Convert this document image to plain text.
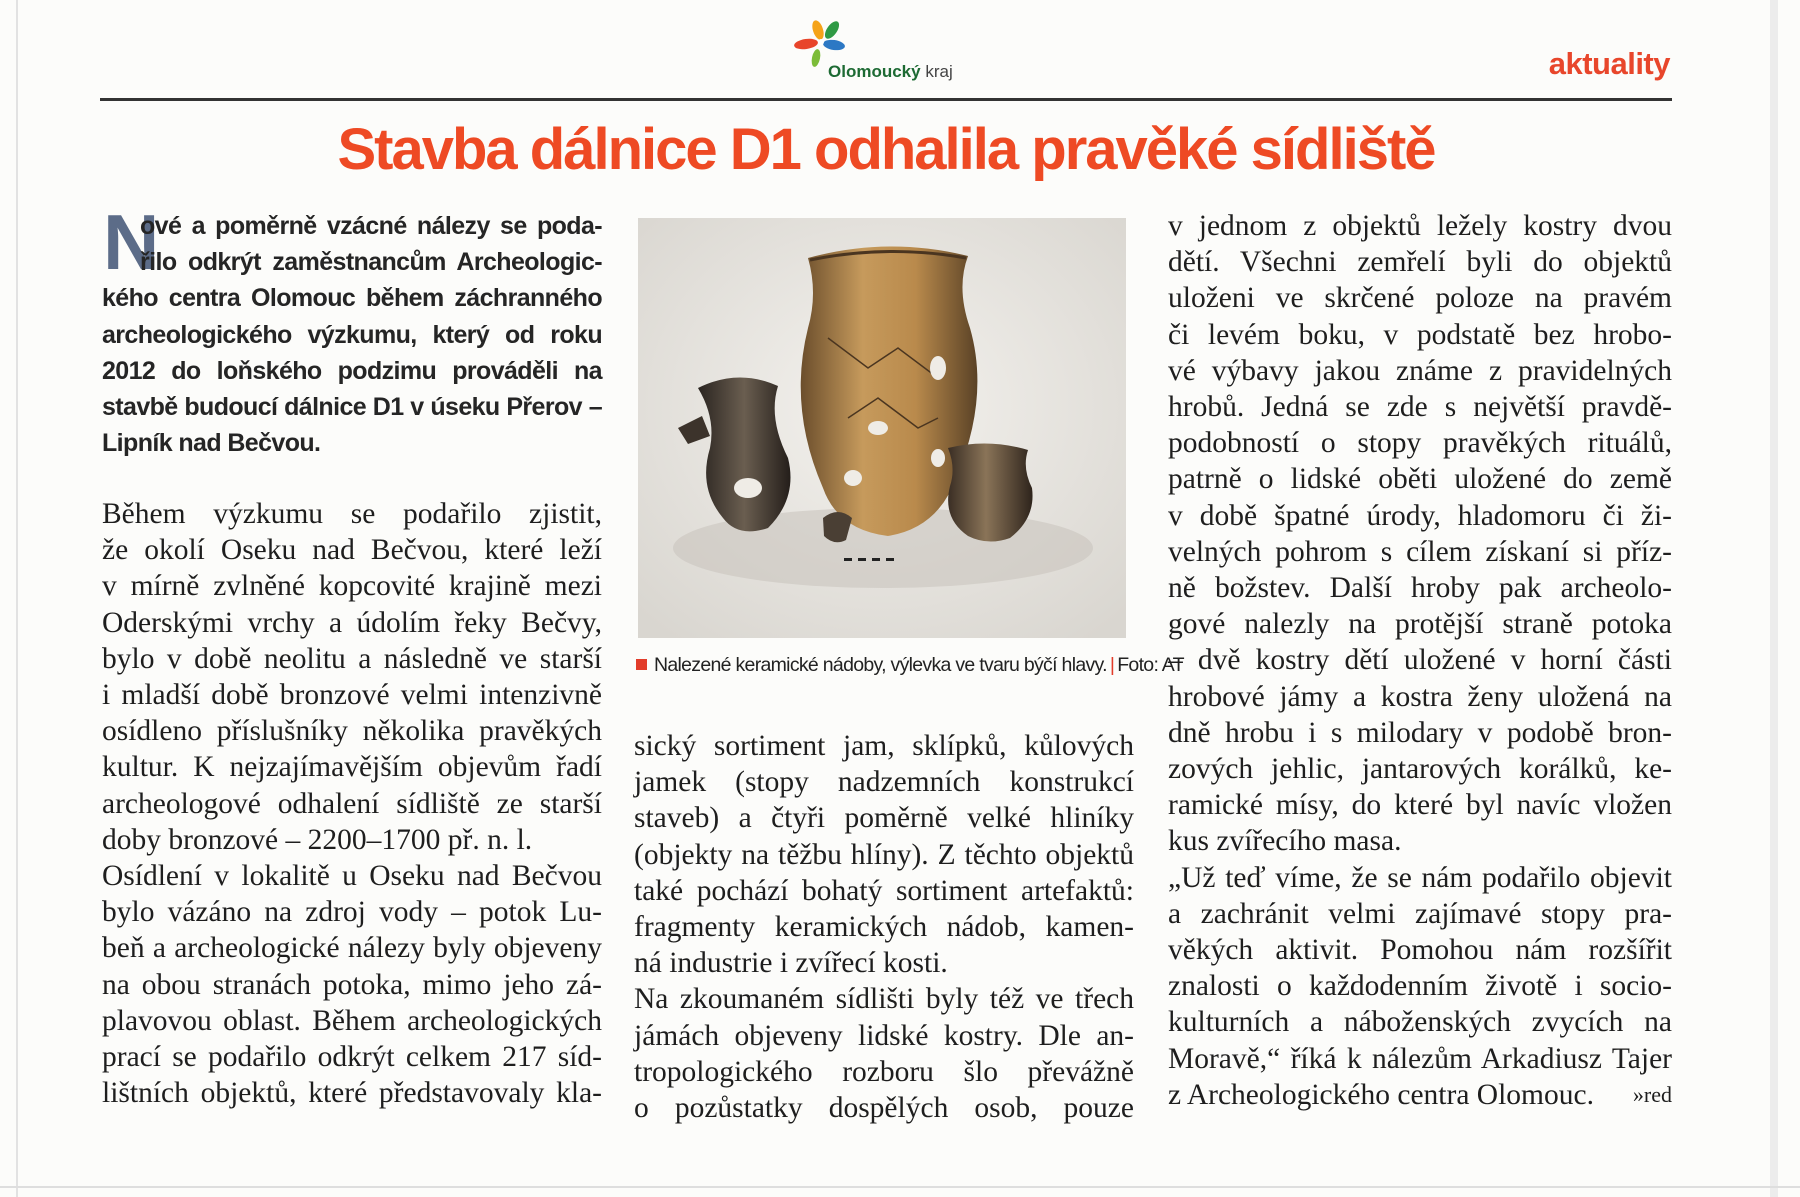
Olomoucký kraj	aktuality
Stavba dálnice D1 odhalila pravěké sídliště
N
ové a poměrně vzácné nálezy se poda-
řilo odkrýt zaměstnancům Archeologic-
kého centra Olomouc během záchranného
archeologického výzkumu, který od roku
2012 do loňského podzimu prováděli na
stavbě budoucí dálnice D1 v úseku Přerov –
Lipník nad Bečvou.
Během výzkumu se podařilo zjistit,
že okolí Oseku nad Bečvou, které leží
v mírně zvlněné kopcovité krajině mezi
Oderskými vrchy a údolím řeky Bečvy,
bylo v době neolitu a následně ve starší
i mladší době bronzové velmi intenzivně
osídleno příslušníky několika pravěkých
kultur. K nejzajímavějším objevům řadí
archeologové odhalení sídliště ze starší
doby bronzové – 2200–1700 př. n. l.
Osídlení v lokalitě u Oseku nad Bečvou
bylo vázáno na zdroj vody – potok Lu-
beň a archeologické nálezy byly objeveny
na obou stranách potoka, mimo jeho zá-
plavovou oblast. Během archeologických
prací se podařilo odkrýt celkem 217 síd-
lištních objektů, které představovaly kla-
Nalezené keramické nádoby, výlevka ve tvaru býčí hlavy. | Foto: AT
sický sortiment jam, sklípků, kůlových
jamek (stopy nadzemních konstrukcí
staveb) a čtyři poměrně velké hliníky
(objekty na těžbu hlíny). Z těchto objektů
také pochází bohatý sortiment artefaktů:
fragmenty keramických nádob, kamen-
ná industrie i zvířecí kosti.
Na zkoumaném sídlišti byly též ve třech
jámách objeveny lidské kostry. Dle an-
tropologického rozboru šlo převážně
o pozůstatky dospělých osob, pouze
v jednom z objektů ležely kostry dvou
dětí. Všechni zemřelí byli do objektů
uloženi ve skrčené poloze na pravém
či levém boku, v podstatě bez hrobo-
vé výbavy jakou známe z pravidelných
hrobů. Jedná se zde s největší pravdě-
podobností o stopy pravěkých rituálů,
patrně o lidské oběti uložené do země
v době špatné úrody, hladomoru či ži-
velných pohrom s cílem získaní si příz-
ně božstev. Další hroby pak archeolo-
gové nalezly na protější straně potoka
– dvě kostry dětí uložené v horní části
hrobové jámy a kostra ženy uložená na
dně hrobu i s milodary v podobě bron-
zových jehlic, jantarových korálků, ke-
ramické mísy, do které byl navíc vložen
kus zvířecího masa.
„Už teď víme, že se nám podařilo objevit
a zachránit velmi zajímavé stopy pra-
věkých aktivit. Pomohou nám rozšířit
znalosti o každodenním životě i socio-
kulturních a náboženských zvycích na
Moravě,“ říká k nálezům Arkadiusz Tajer
z Archeologického centra Olomouc. »red
